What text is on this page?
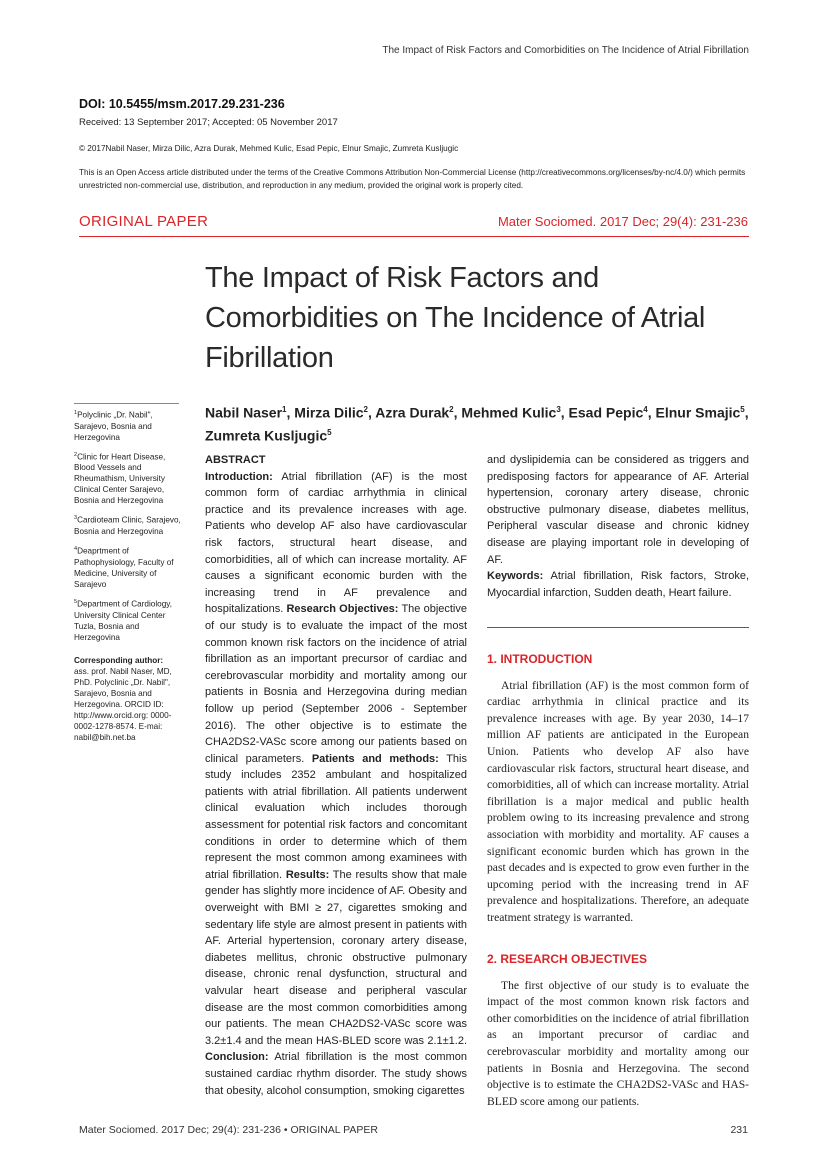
The Impact of Risk Factors and Comorbidities on The Incidence of Atrial Fibrillation
DOI: 10.5455/msm.2017.29.231-236
Received: 13 September 2017; Accepted: 05 November 2017
© 2017Nabil Naser, Mirza Dilic, Azra Durak, Mehmed Kulic, Esad Pepic, Elnur Smajic, Zumreta Kusljugic
This is an Open Access article distributed under the terms of the Creative Commons Attribution Non-Commercial License (http://creativecommons.org/licenses/by-nc/4.0/) which permits unrestricted non-commercial use, distribution, and reproduction in any medium, provided the original work is properly cited.
ORIGINAL PAPER	Mater Sociomed. 2017 Dec; 29(4): 231-236
The Impact of Risk Factors and Comorbidities on The Incidence of Atrial Fibrillation
Nabil Naser$^1$, Mirza Dilic$^2$, Azra Durak$^2$, Mehmed Kulic$^3$, Esad Pepic$^4$, Elnur Smajic$^5$, Zumreta Kusljugic$^5$

$^1$Polyclinic „Dr. Nabil", Sarajevo, Bosnia and Herzegovina

$^2$Clinic for Heart Disease, Blood Vessels and Rheumathism, University Clinical Center Sarajevo, Bosnia and Herzegovina

$^3$Cardioteam Clinic, Sarajevo, Bosnia and Herzegovina

$^4$Deaprtment of Pathophysiology, Faculty of Medicine, University of Sarajevo

$^5$Department of Cardiology, University Clinical Center Tuzla, Bosnia and Herzegovina

Corresponding author:
ass. prof. Nabil Naser, MD, PhD. Polyclinic „Dr. Nabil", Sarajevo, Bosnia and Herzegovina. ORCID ID: http://www.orcid.org: 0000-0002-1278-8574. E-mai: nabil@bih.net.ba

ABSTRACT

Introduction: Atrial fibrillation (AF) is the most common form of cardiac arrhythmia in clinical practice and its prevalence increases with age. Patients who develop AF also have cardiovascular risk factors, structural heart disease, and comorbidities, all of which can increase mortality. AF causes a significant economic burden with the increasing trend in AF prevalence and hospitalizations. Research Objectives: The objective of our study is to evaluate the impact of the most common known risk factors on the incidence of atrial fibrillation as an important precursor of cardiac and cerebrovascular morbidity and mortality among our patients in Bosnia and Herzegovina during median follow up period (September 2006 - September 2016). The other objective is to estimate the CHA2DS2-VASc score among our patients based on clinical parameters. Patients and methods: This study includes 2352 ambulant and hospitalized patients with atrial fibrillation. All patients underwent clinical evaluation which includes thorough assessment for potential risk factors and concomitant conditions in order to determine which of them represent the most common among examinees with atrial fibrillation. Results: The results show that male gender has slightly more incidence of AF. Obesity and overweight with BMI ≥ 27, cigarettes smoking and sedentary life style are almost present in patients with AF. Arterial hypertension, coronary artery disease, diabetes mellitus, chronic obstructive pulmonary disease, chronic renal dysfunction, structural and valvular heart disease and peripheral vascular disease are the most common comorbidities among our patients. The mean CHA2DS2-VASc score was 3.2±1.4 and the mean HAS-BLED score was 2.1±1.2. Conclusion: Atrial fibrillation is the most common sustained cardiac rhythm disorder. The study shows that obesity, alcohol consumption, smoking cigarettes

and dyslipidemia can be considered as triggers and predisposing factors for appearance of AF. Arterial hypertension, coronary artery disease, chronic obstructive pulmonary disease, diabetes mellitus, Peripheral vascular disease and chronic kidney disease are playing important role in developing of AF.

Keywords: Atrial fibrillation, Risk factors, Stroke, Myocardial infarction, Sudden death, Heart failure.

1. INTRODUCTION

Atrial fibrillation (AF) is the most common form of cardiac arrhythmia in clinical practice and its prevalence increases with age. By year 2030, 14–17 million AF patients are anticipated in the European Union. Patients who develop AF also have cardiovascular risk factors, structural heart disease, and comorbidities, all of which can increase mortality. Atrial fibrillation is a major medical and public health problem owing to its increasing prevalence and strong association with morbidity and mortality. AF causes a significant economic burden which has grown in the past decades and is expected to grow even further in the upcoming period with the increasing trend in AF prevalence and hospitalizations. Therefore, an adequate treatment strategy is warranted.

2. RESEARCH OBJECTIVES

The first objective of our study is to evaluate the impact of the most common known risk factors and other comorbidities on the incidence of atrial fibrillation as an important precursor of cardiac and cerebrovascular morbidity and mortality among our patients in Bosnia and Herzegovina. The second objective is to estimate the CHA2DS2-VASc and HAS-BLED score among our patients.

Mater Sociomed. 2017 Dec; 29(4): 231-236 • ORIGINAL PAPER	231
